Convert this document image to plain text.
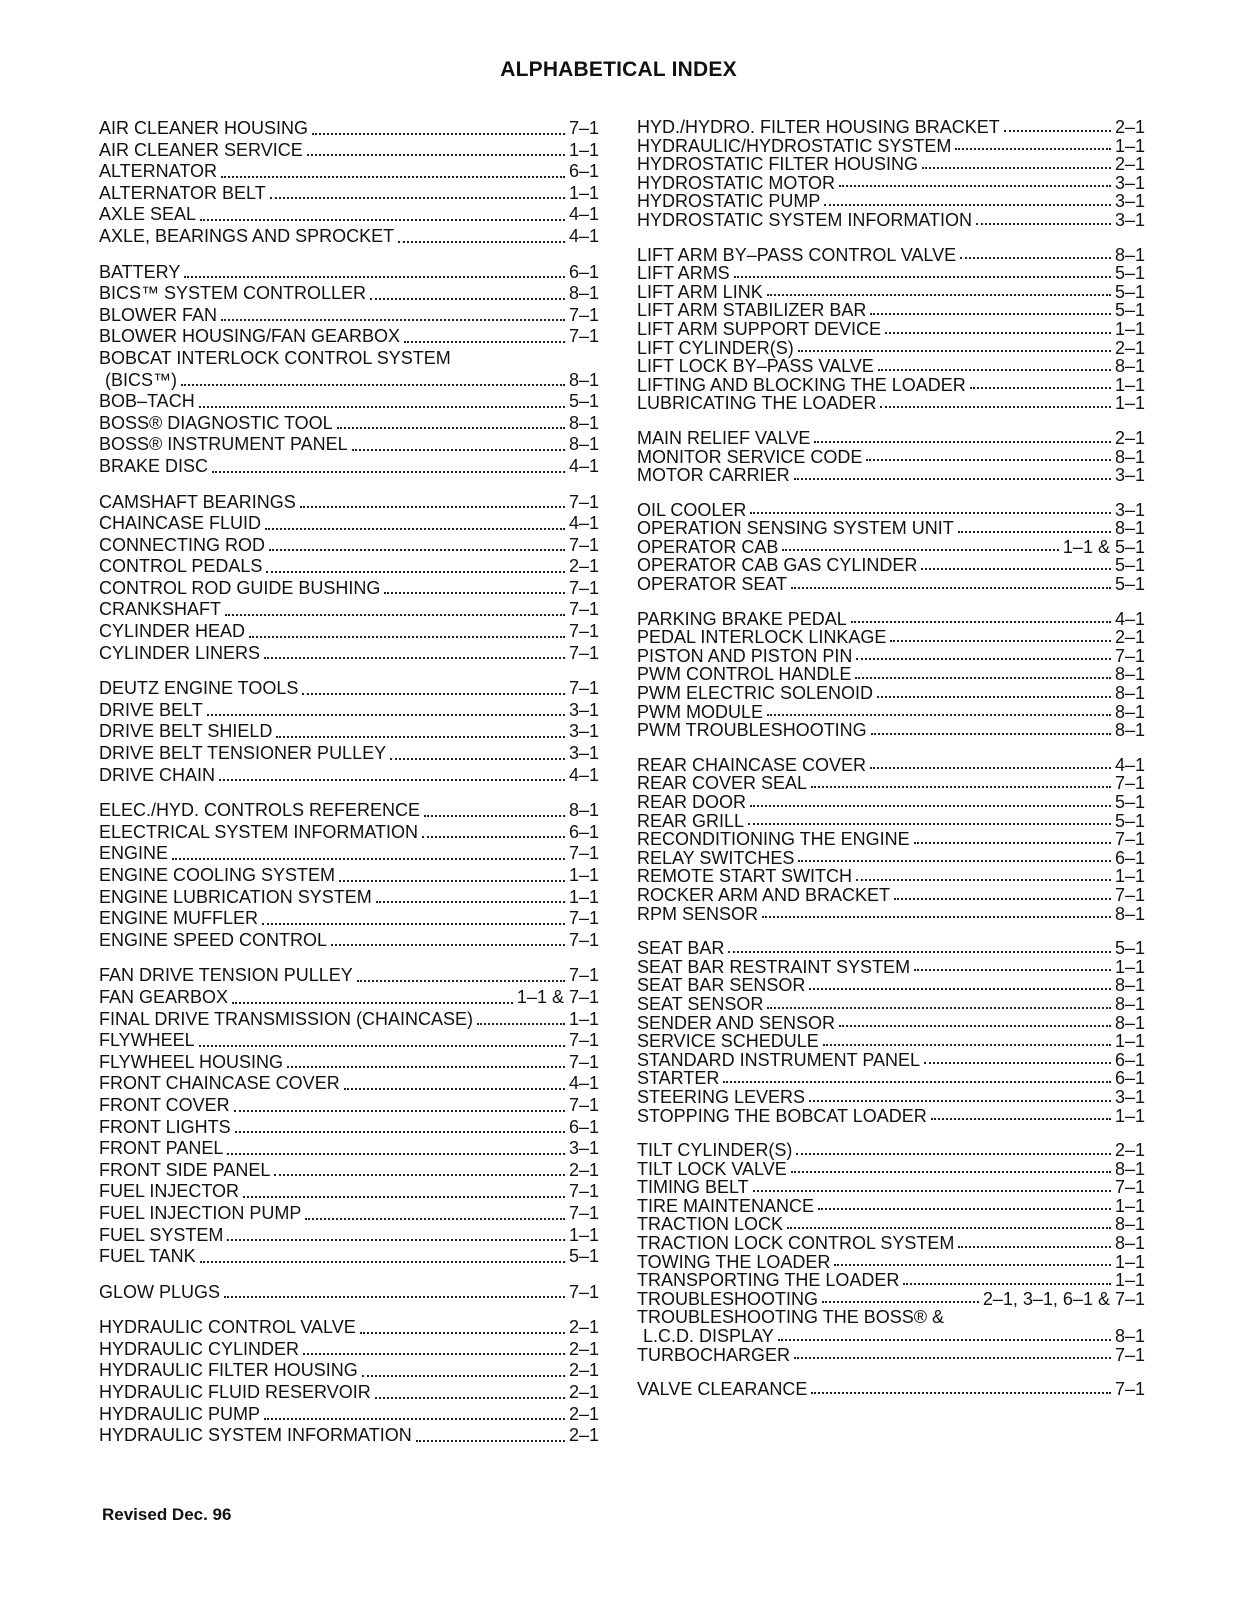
ALPHABETICAL INDEX
AIR CLEANER HOUSING	7–1
AIR CLEANER SERVICE	1–1
ALTERNATOR	6–1
ALTERNATOR BELT	1–1
AXLE SEAL	4–1
AXLE, BEARINGS AND SPROCKET	4–1
BATTERY	6–1
BICS™ SYSTEM CONTROLLER	8–1
BLOWER FAN	7–1
BLOWER HOUSING/FAN GEARBOX	7–1
BOBCAT INTERLOCK CONTROL SYSTEM
(BICS™)	8–1
BOB–TACH	5–1
BOSS® DIAGNOSTIC TOOL	8–1
BOSS® INSTRUMENT PANEL	8–1
BRAKE DISC	4–1
CAMSHAFT BEARINGS	7–1
CHAINCASE FLUID	4–1
CONNECTING ROD	7–1
CONTROL PEDALS	2–1
CONTROL ROD GUIDE BUSHING	7–1
CRANKSHAFT	7–1
CYLINDER HEAD	7–1
CYLINDER LINERS	7–1
DEUTZ ENGINE TOOLS	7–1
DRIVE BELT	3–1
DRIVE BELT SHIELD	3–1
DRIVE BELT TENSIONER PULLEY	3–1
DRIVE CHAIN	4–1
ELEC./HYD. CONTROLS REFERENCE	8–1
ELECTRICAL SYSTEM INFORMATION	6–1
ENGINE	7–1
ENGINE COOLING SYSTEM	1–1
ENGINE LUBRICATION SYSTEM	1–1
ENGINE MUFFLER	7–1
ENGINE SPEED CONTROL	7–1
FAN DRIVE TENSION PULLEY	7–1
FAN GEARBOX	1–1 & 7–1
FINAL DRIVE TRANSMISSION (CHAINCASE)	1–1
FLYWHEEL	7–1
FLYWHEEL HOUSING	7–1
FRONT CHAINCASE COVER	4–1
FRONT COVER	7–1
FRONT LIGHTS	6–1
FRONT PANEL	3–1
FRONT SIDE PANEL	2–1
FUEL INJECTOR	7–1
FUEL INJECTION PUMP	7–1
FUEL SYSTEM	1–1
FUEL TANK	5–1
GLOW PLUGS	7–1
HYDRAULIC CONTROL VALVE	2–1
HYDRAULIC CYLINDER	2–1
HYDRAULIC FILTER HOUSING	2–1
HYDRAULIC FLUID RESERVOIR	2–1
HYDRAULIC PUMP	2–1
HYDRAULIC SYSTEM INFORMATION	2–1
HYD./HYDRO. FILTER HOUSING BRACKET	2–1
HYDRAULIC/HYDROSTATIC SYSTEM	1–1
HYDROSTATIC FILTER HOUSING	2–1
HYDROSTATIC MOTOR	3–1
HYDROSTATIC PUMP	3–1
HYDROSTATIC SYSTEM INFORMATION	3–1
LIFT ARM BY–PASS CONTROL VALVE	8–1
LIFT ARMS	5–1
LIFT ARM LINK	5–1
LIFT ARM STABILIZER BAR	5–1
LIFT ARM SUPPORT DEVICE	1–1
LIFT CYLINDER(S)	2–1
LIFT LOCK BY–PASS VALVE	8–1
LIFTING AND BLOCKING THE LOADER	1–1
LUBRICATING THE LOADER	1–1
MAIN RELIEF VALVE	2–1
MONITOR SERVICE CODE	8–1
MOTOR CARRIER	3–1
OIL COOLER	3–1
OPERATION SENSING SYSTEM UNIT	8–1
OPERATOR CAB	1–1 & 5–1
OPERATOR CAB GAS CYLINDER	5–1
OPERATOR SEAT	5–1
PARKING BRAKE PEDAL	4–1
PEDAL INTERLOCK LINKAGE	2–1
PISTON AND PISTON PIN	7–1
PWM CONTROL HANDLE	8–1
PWM ELECTRIC SOLENOID	8–1
PWM MODULE	8–1
PWM TROUBLESHOOTING	8–1
REAR CHAINCASE COVER	4–1
REAR COVER SEAL	7–1
REAR DOOR	5–1
REAR GRILL	5–1
RECONDITIONING THE ENGINE	7–1
RELAY SWITCHES	6–1
REMOTE START SWITCH	1–1
ROCKER ARM AND BRACKET	7–1
RPM SENSOR	8–1
SEAT BAR	5–1
SEAT BAR RESTRAINT SYSTEM	1–1
SEAT BAR SENSOR	8–1
SEAT SENSOR	8–1
SENDER AND SENSOR	8–1
SERVICE SCHEDULE	1–1
STANDARD INSTRUMENT PANEL	6–1
STARTER	6–1
STEERING LEVERS	3–1
STOPPING THE BOBCAT LOADER	1–1
TILT CYLINDER(S)	2–1
TILT LOCK VALVE	8–1
TIMING BELT	7–1
TIRE MAINTENANCE	1–1
TRACTION LOCK	8–1
TRACTION LOCK CONTROL SYSTEM	8–1
TOWING THE LOADER	1–1
TRANSPORTING THE LOADER	1–1
TROUBLESHOOTING	2–1, 3–1, 6–1 & 7–1
TROUBLESHOOTING THE BOSS® &
L.C.D. DISPLAY	8–1
TURBOCHARGER	7–1
VALVE CLEARANCE	7–1
Revised Dec. 96
